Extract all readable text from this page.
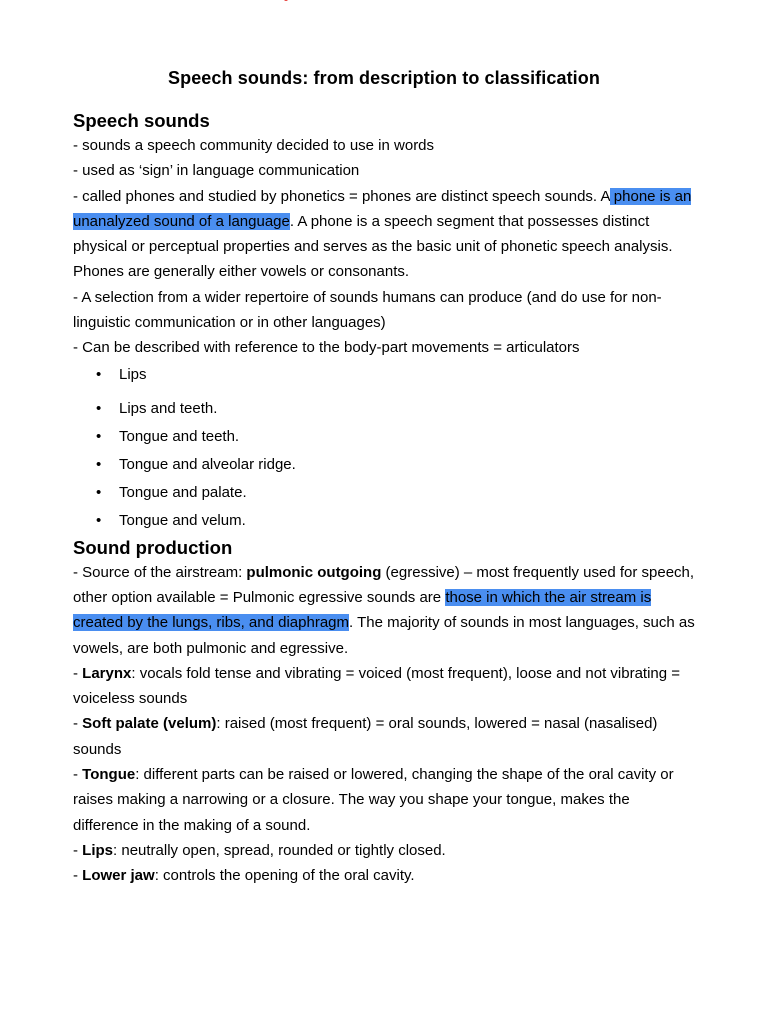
Speech sounds: from description to classification
Speech sounds

- sounds a speech community decided to use in words

- used as ‘sign’ in language communication

- called phones and studied by phonetics = phones are distinct speech sounds. A phone is an unanalyzed sound of a language. A phone is a speech segment that possesses distinct physical or perceptual properties and serves as the basic unit of phonetic speech analysis. Phones are generally either vowels or consonants.

- A selection from a wider repertoire of sounds humans can produce (and do use for non-linguistic communication or in other languages)

- Can be described with reference to the body-part movements = articulators

• Lips
• Lips and teeth.
• Tongue and teeth.
• Tongue and alveolar ridge.
• Tongue and palate.
• Tongue and velum.
Sound production

- Source of the airstream: pulmonic outgoing (egressive) – most frequently used for speech, other option available = Pulmonic egressive sounds are those in which the air stream is created by the lungs, ribs, and diaphragm. The majority of sounds in most languages, such as vowels, are both pulmonic and egressive.

- Larynx: vocals fold tense and vibrating = voiced (most frequent), loose and not vibrating = voiceless sounds

- Soft palate (velum): raised (most frequent) = oral sounds, lowered = nasal (nasalised) sounds

- Tongue: different parts can be raised or lowered, changing the shape of the oral cavity or raises making a narrowing or a closure. The way you shape your tongue, makes the difference in the making of a sound.

- Lips: neutrally open, spread, rounded or tightly closed.

- Lower jaw: controls the opening of the oral cavity.
